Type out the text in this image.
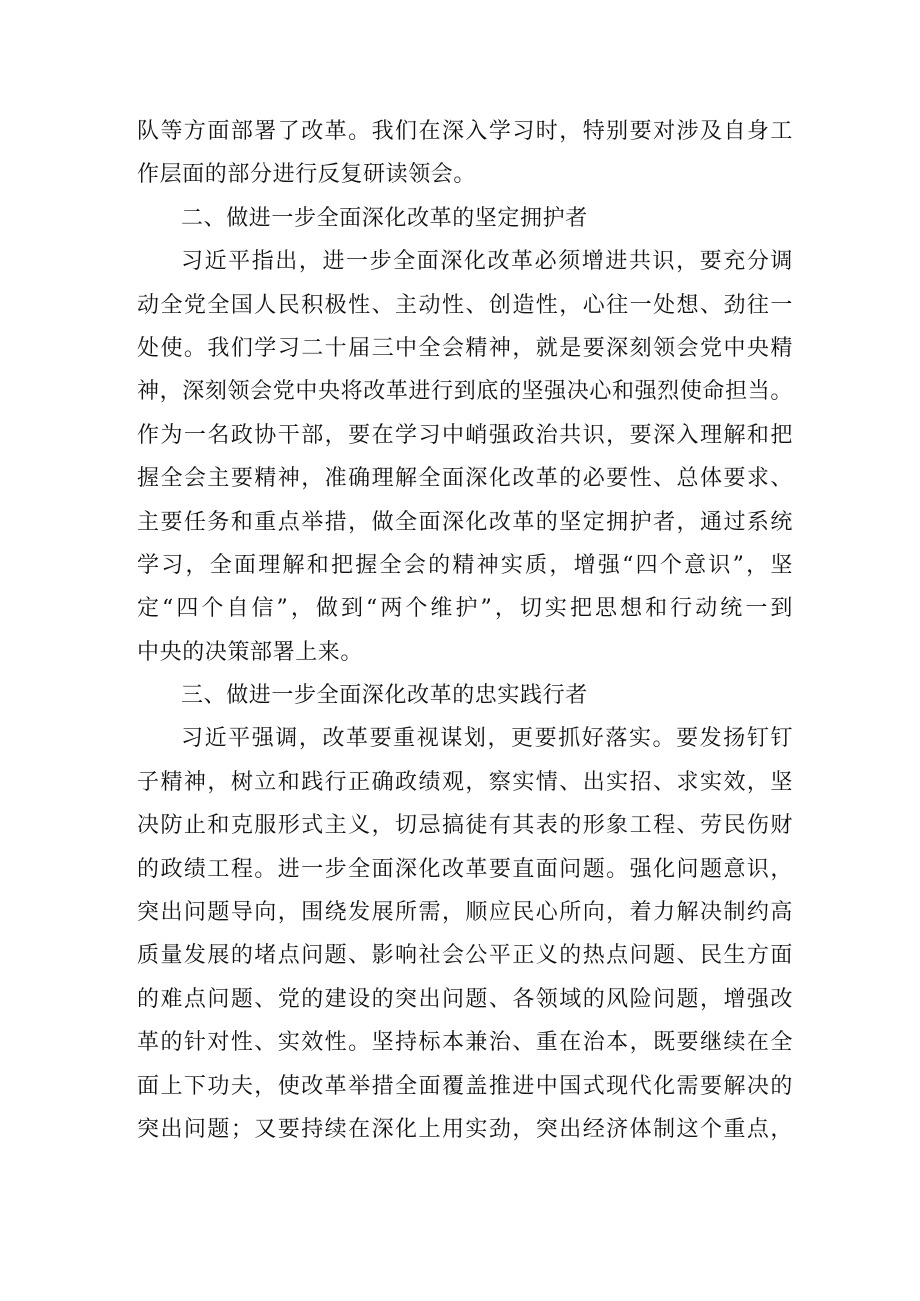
队等方面部署了改革。我们在深入学习时，特别要对涉及自身工
作层面的部分进行反复研读领会。
二、做进一步全面深化改革的坚定拥护者
习近平指出，进一步全面深化改革必须增进共识，要充分调
动全党全国人民积极性、主动性、创造性，心往一处想、劲往一
处使。我们学习二十届三中全会精神，就是要深刻领会党中央精
神，深刻领会党中央将改革进行到底的坚强决心和强烈使命担当。
作为一名政协干部，要在学习中峭强政治共识，要深入理解和把
握全会主要精神，准确理解全面深化改革的必要性、总体要求、
主要任务和重点举措，做全面深化改革的坚定拥护者，通过系统
学习，全面理解和把握全会的精神实质，增强“四个意识”，坚
定“四个自信”，做到“两个维护”，切实把思想和行动统一到
中央的决策部署上来。
三、做进一步全面深化改革的忠实践行者
习近平强调，改革要重视谋划，更要抓好落实。要发扬钉钉
子精神，树立和践行正确政绩观，察实情、出实招、求实效，坚
决防止和克服形式主义，切忌搞徒有其表的形象工程、劳民伤财
的政绩工程。进一步全面深化改革要直面问题。强化问题意识，
突出问题导向，围绕发展所需，顺应民心所向，着力解决制约高
质量发展的堵点问题、影响社会公平正义的热点问题、民生方面
的难点问题、党的建设的突出问题、各领域的风险问题，增强改
革的针对性、实效性。坚持标本兼治、重在治本，既要继续在全
面上下功夫，使改革举措全面覆盖推进中国式现代化需要解决的
突出问题；又要持续在深化上用实劲，突出经济体制这个重点，
